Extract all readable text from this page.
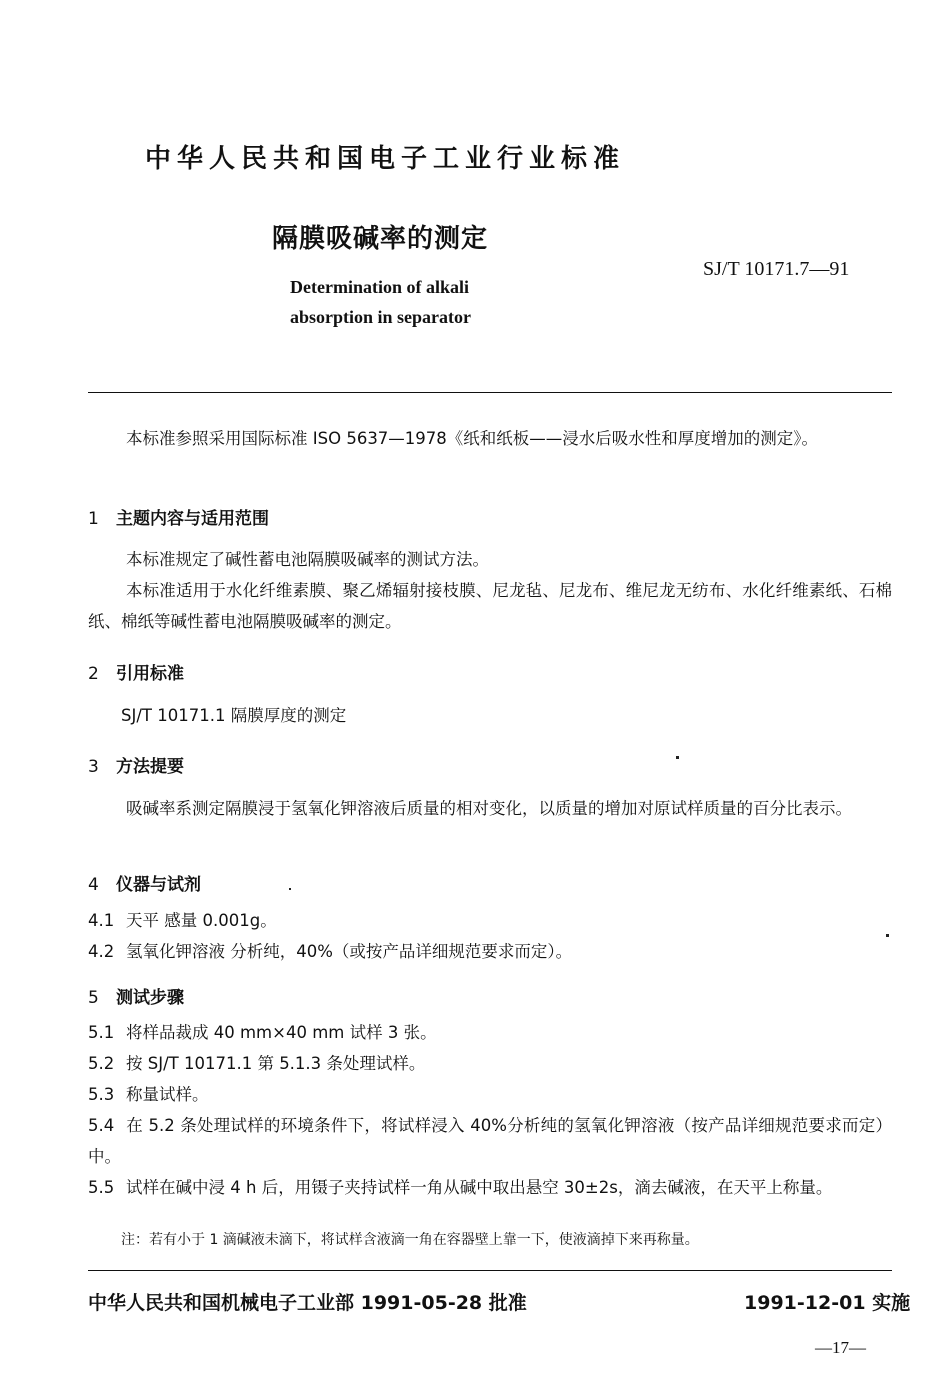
中华人民共和国电子工业行业标准
隔膜吸碱率的测定
SJ/T 10171.7—91
Determination of alkali
absorption in separator

本标准参照采用国际标准 ISO 5637—1978《纸和纸板——浸水后吸水性和厚度增加的测定》。

1 主题内容与适用范围

本标准规定了碱性蓄电池隔膜吸碱率的测试方法。

本标准适用于水化纤维素膜、聚乙烯辐射接枝膜、尼龙毡、尼龙布、维尼龙无纺布、水化纤维素纸、石棉纸、棉纸等碱性蓄电池隔膜吸碱率的测定。

2 引用标准

SJ/T 10171.1 隔膜厚度的测定

3 方法提要

吸碱率系测定隔膜浸于氢氧化钾溶液后质量的相对变化，以质量的增加对原试样质量的百分比表示。

4 仪器与试剂

4.1 天平 感量 0.001g。

4.2 氢氧化钾溶液 分析纯，40%（或按产品详细规范要求而定）。

5 测试步骤

5.1 将样品裁成 40 mm×40 mm 试样 3 张。

5.2 按 SJ/T 10171.1 第 5.1.3 条处理试样。

5.3 称量试样。

5.4 在 5.2 条处理试样的环境条件下，将试样浸入 40%分析纯的氢氧化钾溶液（按产品详细规范要求而定）中。

5.5 试样在碱中浸 4 h 后，用镊子夹持试样一角从碱中取出悬空 30±2s，滴去碱液，在天平上称量。

注：若有小于 1 滴碱液未滴下，将试样含液滴一角在容器壁上靠一下，使液滴掉下来再称量。

中华人民共和国机械电子工业部 1991-05-28 批准	1991-12-01 实施
—17—
